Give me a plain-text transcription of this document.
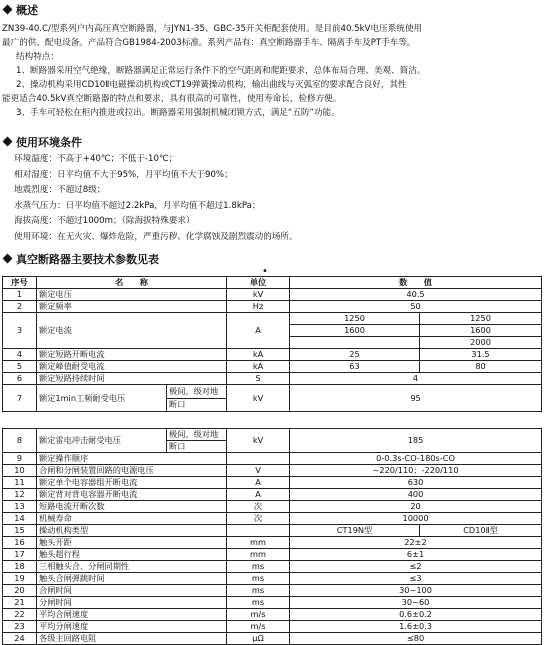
概述
ZN39-40.C/型系列户内高压真空断路器，与JYN1-35、GBC-35开关柜配套使用。是目前40.5kV电压系统使用
最广的供、配电设备。产品符合GB1984-2003标准。系列产品有：真空断路器手车、隔离手车及PT手车等。
结构特点：
1、断路器采用空气绝缘，断路器满足正常运行条件下的空气距离和爬距要求，总体布局合理、美观、简洁。
2、操动机构采用CD10Ⅱ电磁操动机构或CT19弹簧操动机构，输出曲线与灭弧室的要求配合良好，其性
能更适合40.5kV真空断路器的特点和要求，具有很高的可靠性，使用寿命长，检修方便。
3、手车可轻松在柜内推进或拉出。断路器采用强制机械闭锁方式，满足“五防”功能。
使用环境条件
环境温度：不高于+40℃；不低于-10℃；
相对湿度：日平均值不大于95%，月平均值不大于90%；
地震烈度：不超过8级；
水蒸气压力：日平均值不超过2.2kPa，月平均值不超过1.8kPa；
海拔高度：不超过1000m；（除海拔特殊要求）
使用环境：在无火灾、爆炸危险，严重污秽、化学腐蚀及剧烈震动的场所。
真空断路器主要技术参数见表
•
序号	名　　称		单位	数　　值	
1	额定电压		kV	40.5	
2	额定频率		Hz	50	
3	额定电流		A	1250	1250
				1600	1600
					2000
4	额定短路开断电流		kA	25	31.5
5	额定峰值耐受电流		kA	63	80
6	额定短路持续时间		S	4	
7	额定1min工频耐受电压	极间、级对地	kV	95	
		断口			

8	额定雷电冲击耐受电压	极间、级对地	kV	185	
		断口			
9	额定操作顺序			0-0.3s-CO-180s-CO	
10	合闸和分闸装置回路的电源电压		V	~220/110；-220/110	
11	额定单个电容器组开断电流		A	630	
12	额定背对背电容器开断电流		A	400	
13	短路电流开断次数		次	20	
14	机械寿命		次	10000	
15	操动机构类型			CT19N型	CD10Ⅱ型
16	触头开距		mm	22±2	
17	触头超行程		mm	6±1	
18	三相触头合、分闸同期性		ms	≤2	
19	触头合闸弹跳时间		ms	≤3	
20	合闸时间		ms	30~100	
21	分闸时间		ms	30~60	
22	平均合闸速度		m/s	0.6±0.2	
23	平均分闸速度		m/s	1.6±0.3	
24	各级主回路电阻		μΩ	≤80	
